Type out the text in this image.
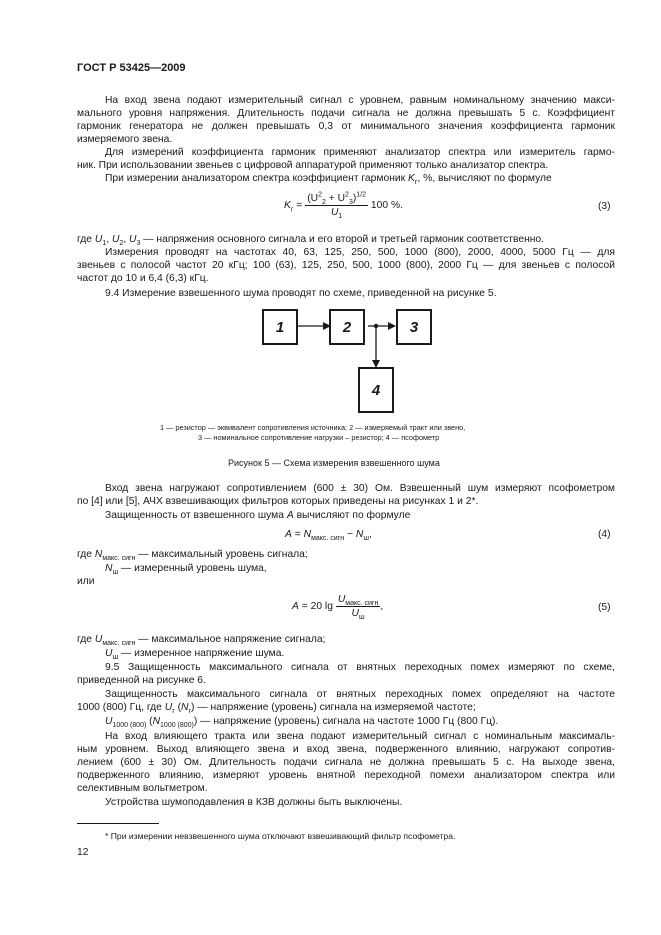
ГОСТ Р 53425—2009
На вход звена подают измерительный сигнал с уровнем, равным номинальному значению макси-
мального уровня напряжения. Длительность подачи сигнала не должна превышать 5 с. Коэффициент
гармоник генератора не должен превышать 0,3 от минимального значения коэффициента гармоник
измеряемого звена.
Для измерений коэффициента гармоник применяют анализатор спектра или измеритель гармо-
ник. При использовании звеньев с цифровой аппаратурой применяют только анализатор спектра.
При измерении анализатором спектра коэффициент гармоник $K_г$, %, вычисляют по формуле
$K_г = \frac{(U^2_2 + U^2_3)^{1/2}}{U_1} 100$ %.	(3)
где $U_1$, $U_2$, $U_3$ — напряжения основного сигнала и его второй и третьей гармоник соответственно.
Измерения проводят на частотах 40, 63, 125, 250, 500, 1000 (800), 2000, 4000, 5000 Гц — для
звеньев с полосой частот 20 кГц; 100 (63), 125, 250, 500, 1000 (800), 2000 Гц — для звеньев с полосой
частот до 10 и 6,4 (6,3) кГц.
9.4 Измерение взвешенного шума проводят по схеме, приведенной на рисунке 5.
1	2	3
4
1 — резистор — эквивалент сопротивления источника; 2 — измеряемый тракт или звено,
3 — номинальное сопротивление нагрузки – резистор; 4 — псофометр
Рисунок 5 — Схема измерения взвешенного шума
Вход звена нагружают сопротивлением (600 ± 30) Ом. Взвешенный шум измеряют псофометром
по [4] или [5], АЧХ взвешивающих фильтров которых приведены на рисунках 1 и 2*.
Защищенность от взвешенного шума A вычисляют по формуле
$A = N_{макс. сигн} - N_ш$,	(4)
где $N_{макс. сигн}$ — максимальный уровень сигнала;
$N_ш$ — измеренный уровень шума,
или
A = 20 $\lg \frac{U_{макс. сигн}}{U_ш}$ ,	(5)
где $U_{макс. сигн}$ — максимальное напряжение сигнала;
$U_ш$ — измеренное напряжение шума.
9.5 Защищенность максимального сигнала от внятных переходных помех измеряют по схеме,
приведенной на рисунке 6.
Защищенность максимального сигнала от внятных переходных помех определяют на частоте
1000 (800) Гц, где $U_г$ $(N_г)$ — напряжение (уровень) сигнала на измеряемой частоте;
$U_{1000 (800)}$ $(N_{1000 (800)})$ — напряжение (уровень) сигнала на частоте 1000 Гц (800 Гц).
На вход влияющего тракта или звена подают измерительный сигнал с номинальным максималь-
ным уровнем. Выход влияющего звена и вход звена, подверженного влиянию, нагружают сопротив-
лением (600 ± 30) Ом. Длительность подачи сигнала не должна превышать 5 с. На выходе звена,
подверженного влиянию, измеряют уровень внятной переходной помехи анализатором спектра или
селективным вольтметром.
Устройства шумоподавления в КЗВ должны быть выключены.
* При измерении невзвешенного шума отключают взвешивающий фильтр псофометра.
12
